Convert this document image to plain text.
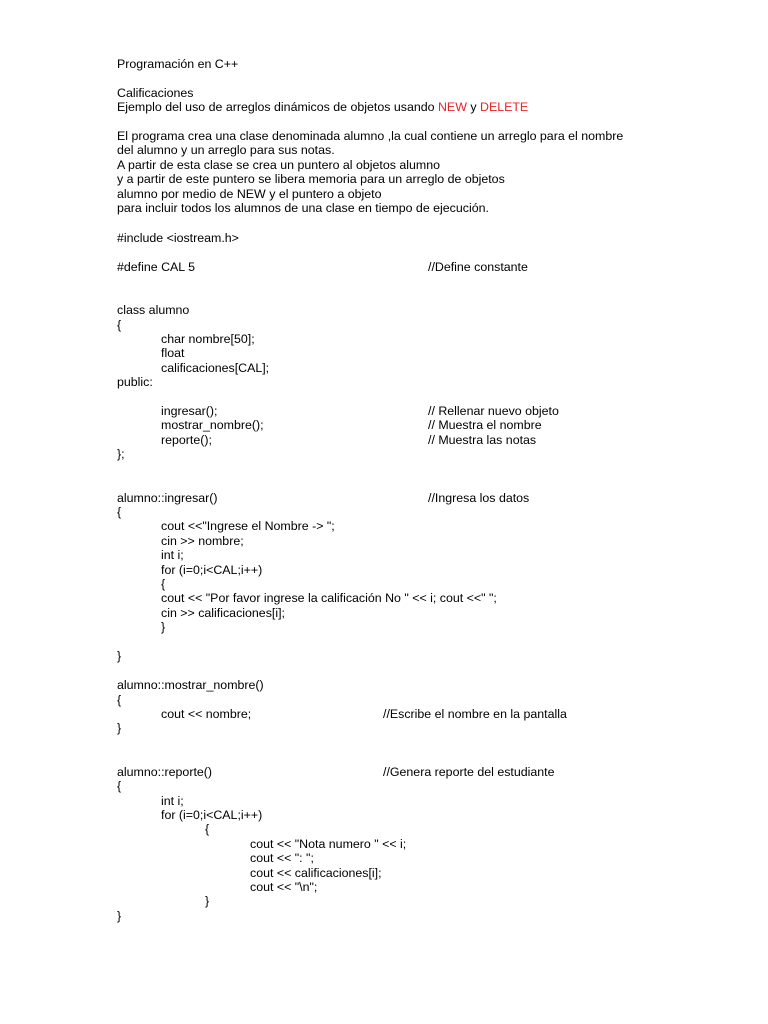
Programación en C++
Calificaciones
Ejemplo del uso de arreglos dinámicos de objetos usando NEW y DELETE
El programa crea una clase denominada alumno ,la cual contiene un arreglo para el nombre
del alumno y un arreglo para sus notas.
A partir de esta clase se crea un puntero al objetos alumno
y a partir de este puntero se libera memoria para un arreglo de objetos
alumno por medio de NEW y el puntero a objeto
para incluir todos los alumnos de una clase en tiempo de ejecución.
#include <iostream.h>
#define CAL 5	//Define constante
class alumno
{
char nombre[50];
float
calificaciones[CAL];
public:
ingresar();	// Rellenar nuevo objeto
mostrar_nombre();	// Muestra el nombre
reporte();	// Muestra las notas
};
alumno::ingresar()	//Ingresa los datos
{
cout <<"Ingrese el Nombre -> ";
cin >> nombre;
int i;
for (i=0;i<CAL;i++)
{
cout << "Por favor ingrese la calificación No " << i; cout <<" ";
cin >> calificaciones[i];
}
}
alumno::mostrar_nombre()
{
cout << nombre;	//Escribe el nombre en la pantalla
}
alumno::reporte()	//Genera reporte del estudiante
{
int i;
for (i=0;i<CAL;i++)
{
cout << "Nota numero " << i;
cout << ": ";
cout << calificaciones[i];
cout << "\n";
}
}
